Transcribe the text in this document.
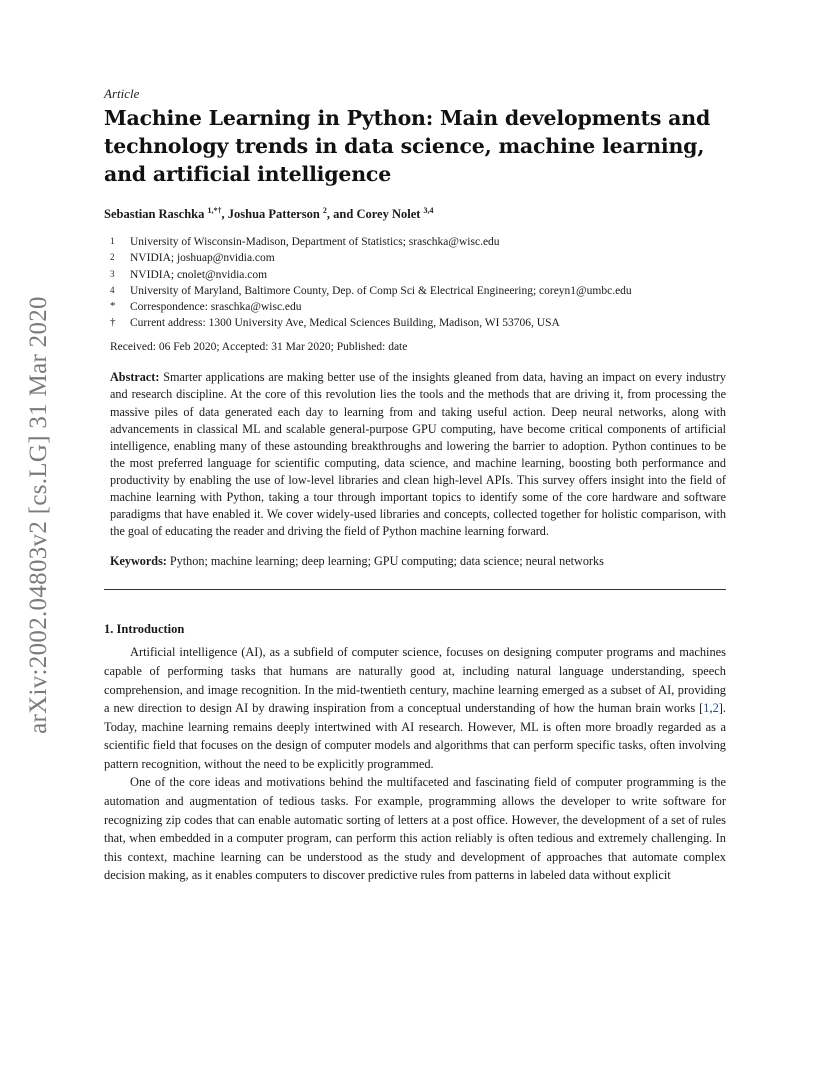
arXiv:2002.04803v2 [cs.LG] 31 Mar 2020
Article
Machine Learning in Python: Main developments and technology trends in data science, machine learning, and artificial intelligence
Sebastian Raschka $^{1,*\dagger}$, Joshua Patterson $^2$, and Corey Nolet $^{3,4}$
1	University of Wisconsin-Madison, Department of Statistics; sraschka@wisc.edu
2	NVIDIA; joshuap@nvidia.com
3	NVIDIA; cnolet@nvidia.com
4	University of Maryland, Baltimore County, Dep. of Comp Sci & Electrical Engineering; coreyn1@umbc.edu
*	Correspondence: sraschka@wisc.edu
†	Current address: 1300 University Ave, Medical Sciences Building, Madison, WI 53706, USA
Received: 06 Feb 2020; Accepted: 31 Mar 2020; Published: date
Abstract: Smarter applications are making better use of the insights gleaned from data, having an impact on every industry and research discipline. At the core of this revolution lies the tools and the methods that are driving it, from processing the massive piles of data generated each day to learning from and taking useful action. Deep neural networks, along with advancements in classical ML and scalable general-purpose GPU computing, have become critical components of artificial intelligence, enabling many of these astounding breakthroughs and lowering the barrier to adoption. Python continues to be the most preferred language for scientific computing, data science, and machine learning, boosting both performance and productivity by enabling the use of low-level libraries and clean high-level APIs. This survey offers insight into the field of machine learning with Python, taking a tour through important topics to identify some of the core hardware and software paradigms that have enabled it. We cover widely-used libraries and concepts, collected together for holistic comparison, with the goal of educating the reader and driving the field of Python machine learning forward.
Keywords: Python; machine learning; deep learning; GPU computing; data science; neural networks
1. Introduction

Artificial intelligence (AI), as a subfield of computer science, focuses on designing computer programs and machines capable of performing tasks that humans are naturally good at, including natural language understanding, speech comprehension, and image recognition. In the mid-twentieth century, machine learning emerged as a subset of AI, providing a new direction to design AI by drawing inspiration from a conceptual understanding of how the human brain works [1,2]. Today, machine learning remains deeply intertwined with AI research. However, ML is often more broadly regarded as a scientific field that focuses on the design of computer models and algorithms that can perform specific tasks, often involving pattern recognition, without the need to be explicitly programmed.

One of the core ideas and motivations behind the multifaceted and fascinating field of computer programming is the automation and augmentation of tedious tasks. For example, programming allows the developer to write software for recognizing zip codes that can enable automatic sorting of letters at a post office. However, the development of a set of rules that, when embedded in a computer program, can perform this action reliably is often tedious and extremely challenging. In this context, machine learning can be understood as the study and development of approaches that automate complex decision making, as it enables computers to discover predictive rules from patterns in labeled data without explicit
